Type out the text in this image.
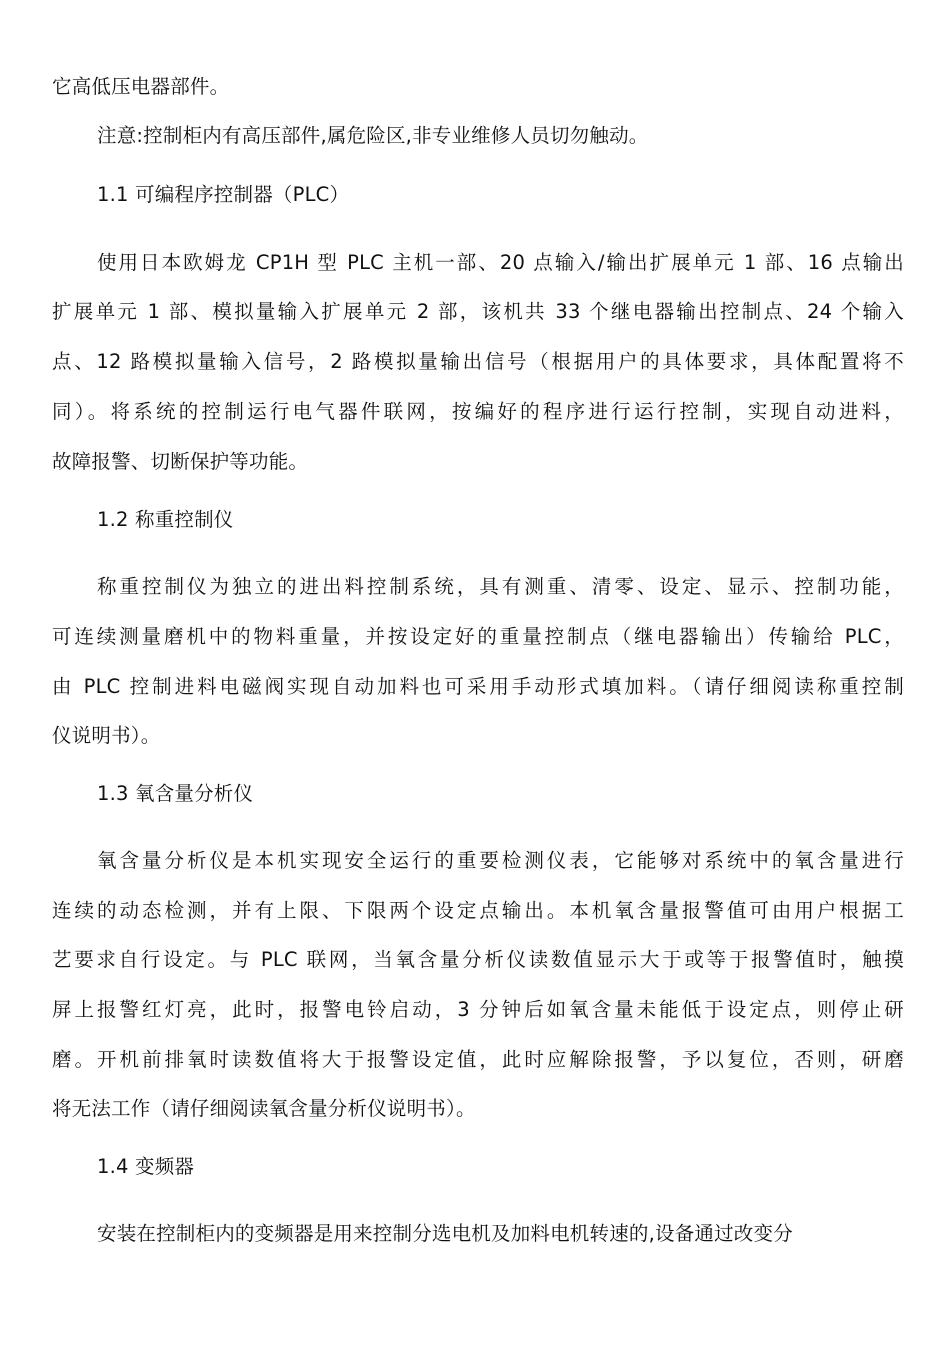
它高低压电器部件。
注意:控制柜内有高压部件,属危险区,非专业维修人员切勿触动。
1.1 可编程序控制器（PLC）
使用日本欧姆龙 CP1H 型 PLC 主机一部、20 点输入/输出扩展单元 1 部、16 点输出
扩展单元 1 部、模拟量输入扩展单元 2 部，该机共 33 个继电器输出控制点、24 个输入
点、12 路模拟量输入信号，2 路模拟量输出信号（根据用户的具体要求，具体配置将不
同）。将系统的控制运行电气器件联网，按编好的程序进行运行控制，实现自动进料，
故障报警、切断保护等功能。
1.2 称重控制仪
称重控制仪为独立的进出料控制系统，具有测重、清零、设定、显示、控制功能，
可连续测量磨机中的物料重量，并按设定好的重量控制点（继电器输出）传输给 PLC，
由 PLC 控制进料电磁阀实现自动加料也可采用手动形式填加料。（请仔细阅读称重控制
仪说明书）。
1.3 氧含量分析仪
氧含量分析仪是本机实现安全运行的重要检测仪表，它能够对系统中的氧含量进行
连续的动态检测，并有上限、下限两个设定点输出。本机氧含量报警值可由用户根据工
艺要求自行设定。与 PLC 联网，当氧含量分析仪读数值显示大于或等于报警值时，触摸
屏上报警红灯亮，此时，报警电铃启动，3 分钟后如氧含量未能低于设定点，则停止研
磨。开机前排氧时读数值将大于报警设定值，此时应解除报警，予以复位，否则，研磨
将无法工作（请仔细阅读氧含量分析仪说明书）。
1.4 变频器
安装在控制柜内的变频器是用来控制分选电机及加料电机转速的,设备通过改变分
